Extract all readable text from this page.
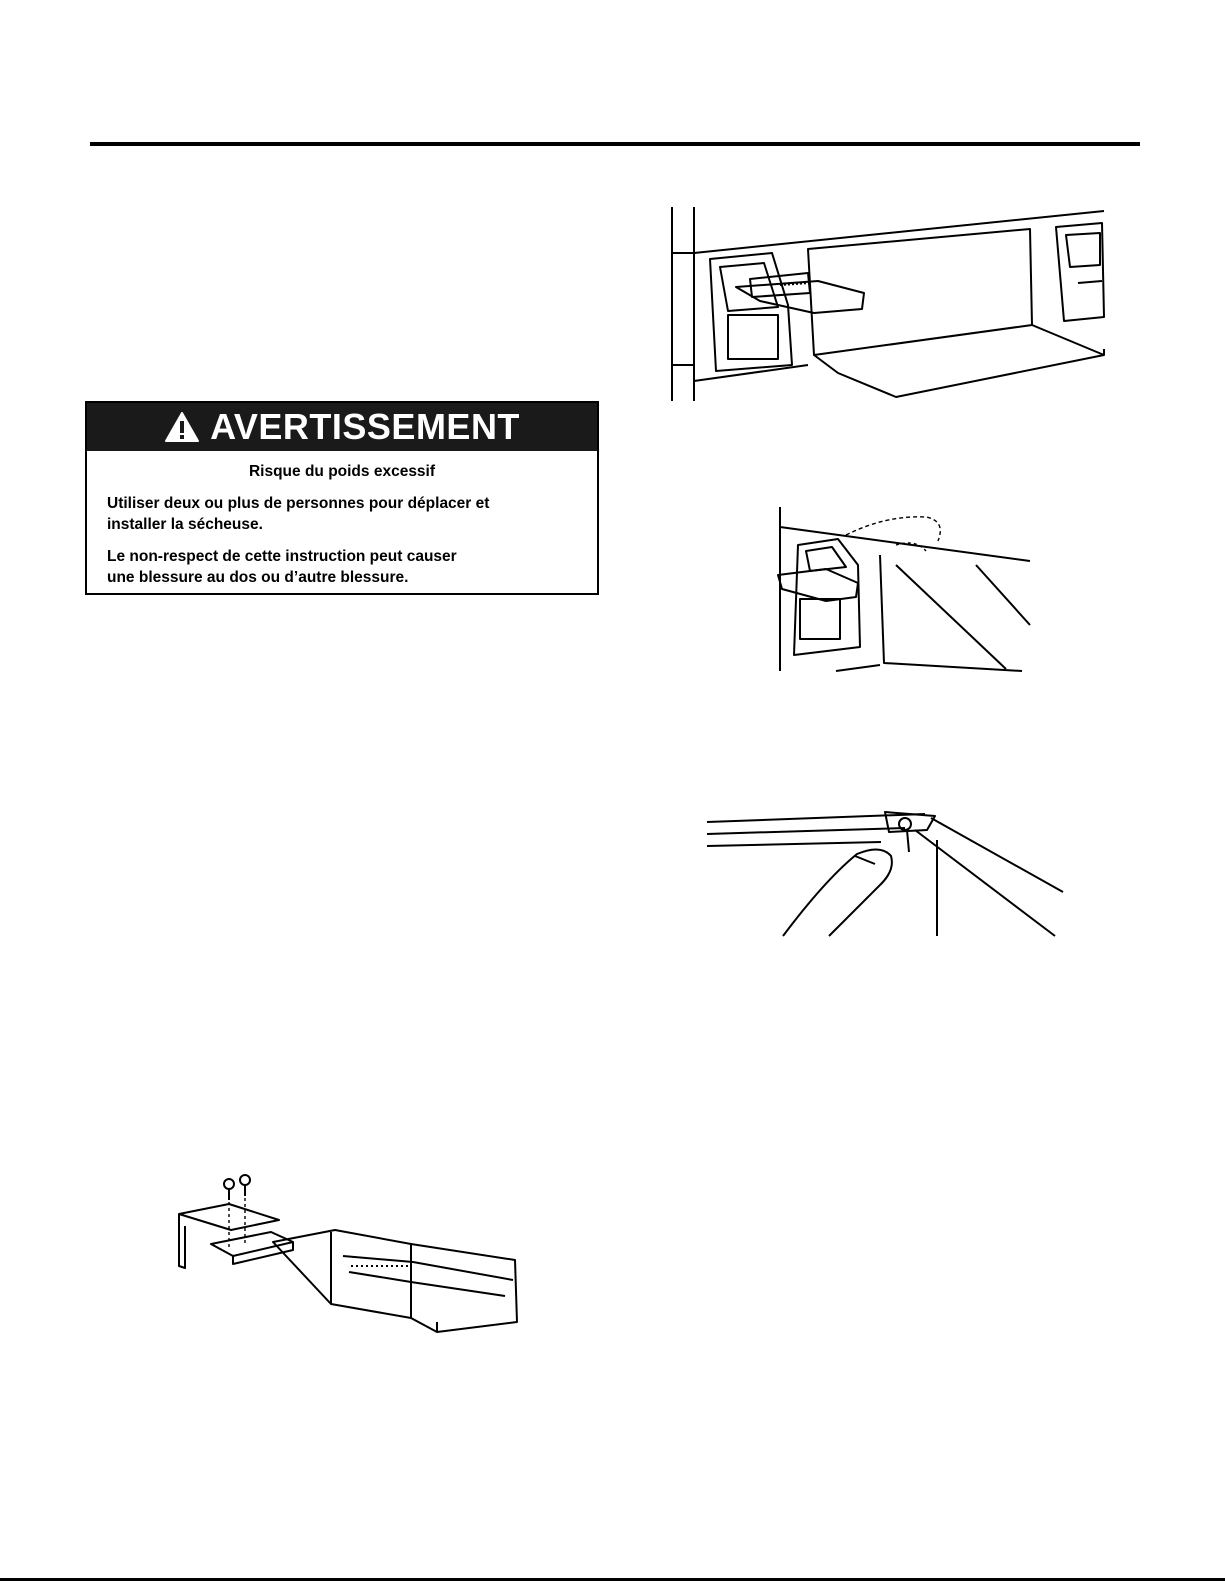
AVERTISSEMENT
Risque du poids excessif

Utiliser deux ou plus de personnes pour déplacer et
installer la sécheuse.

Le non-respect de cette instruction peut causer
une blessure au dos ou d’autre blessure.
